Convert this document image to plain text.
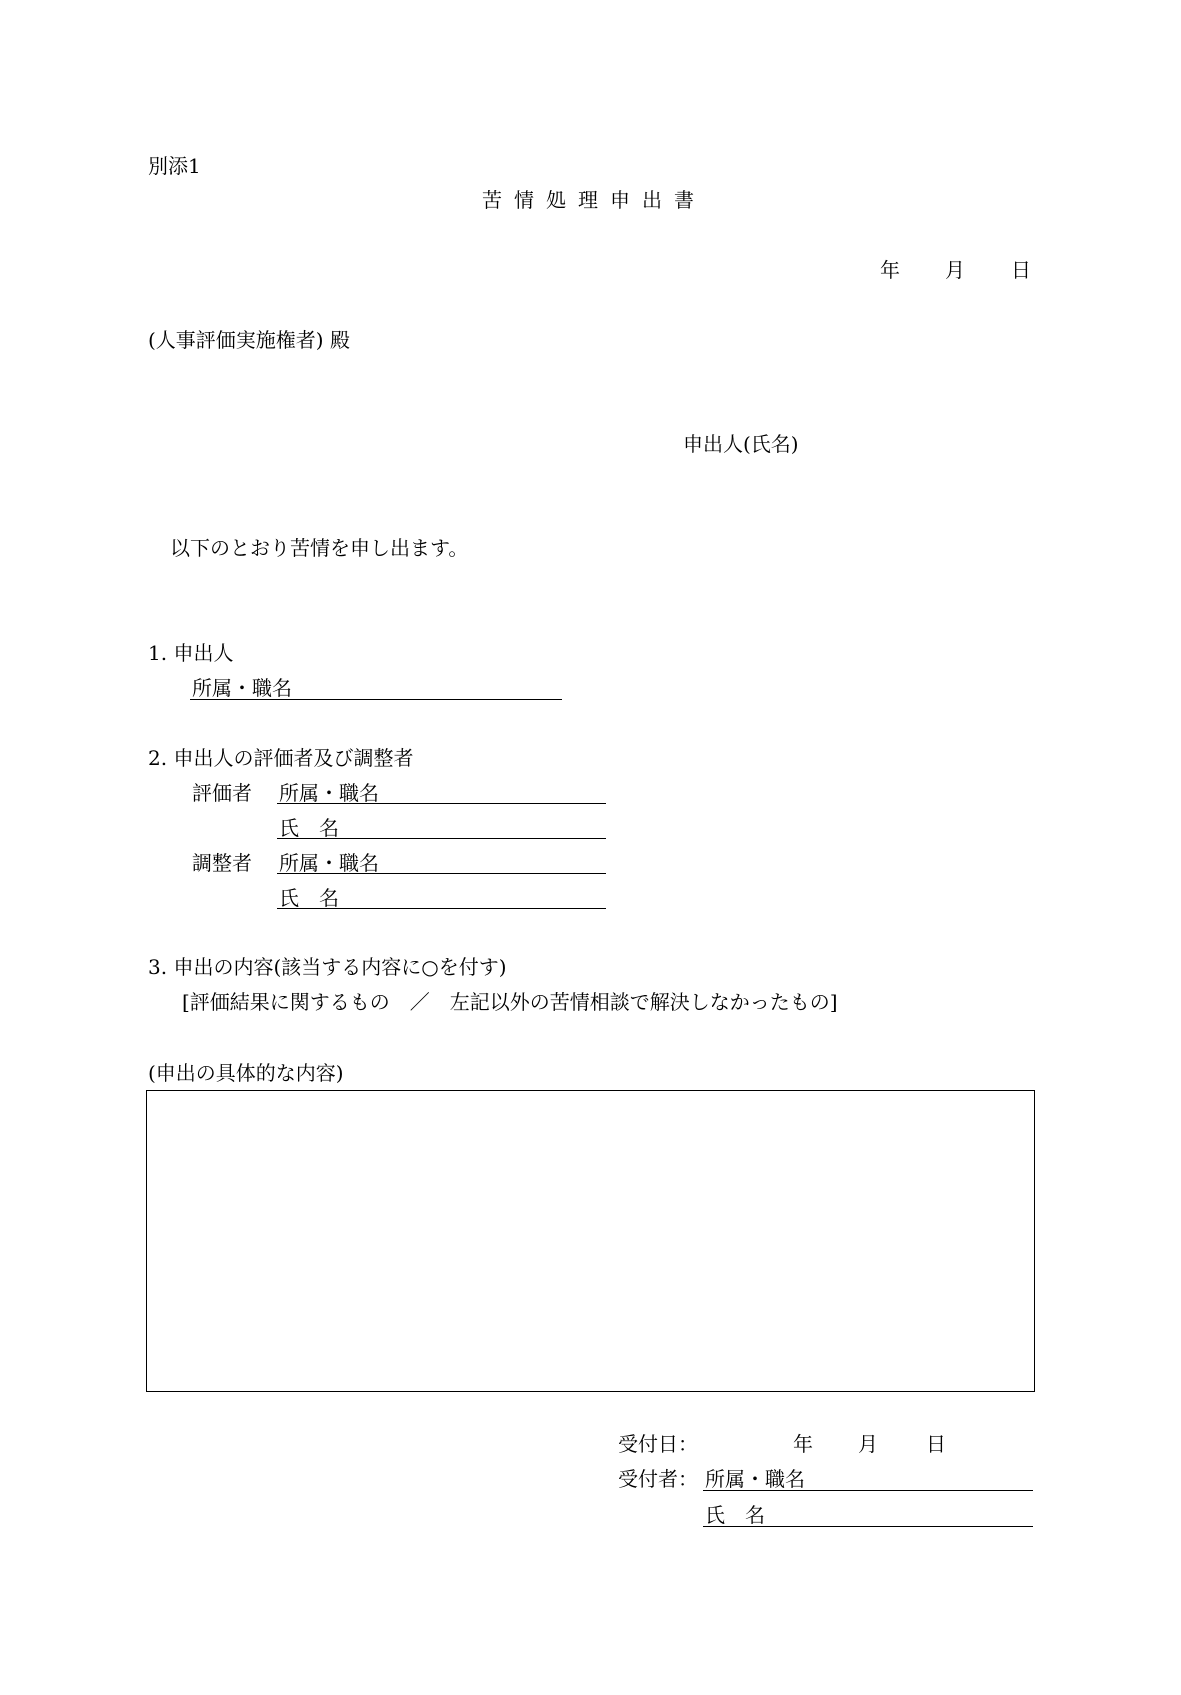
別添1
苦情処理申出書
年 月 日
(人事評価実施権者) 殿
申出人(氏名)
以下のとおり苦情を申し出ます。
1. 申出人
所属・職名
2. 申出人の評価者及び調整者
評価者 所属・職名
氏　名
調整者 所属・職名
氏　名
3. 申出の内容(該当する内容に○を付す)
[評価結果に関するもの　／　左記以外の苦情相談で解決しなかったもの]
(申出の具体的な内容)
受付日：	年 月 日
受付者： 所属・職名
氏　名
